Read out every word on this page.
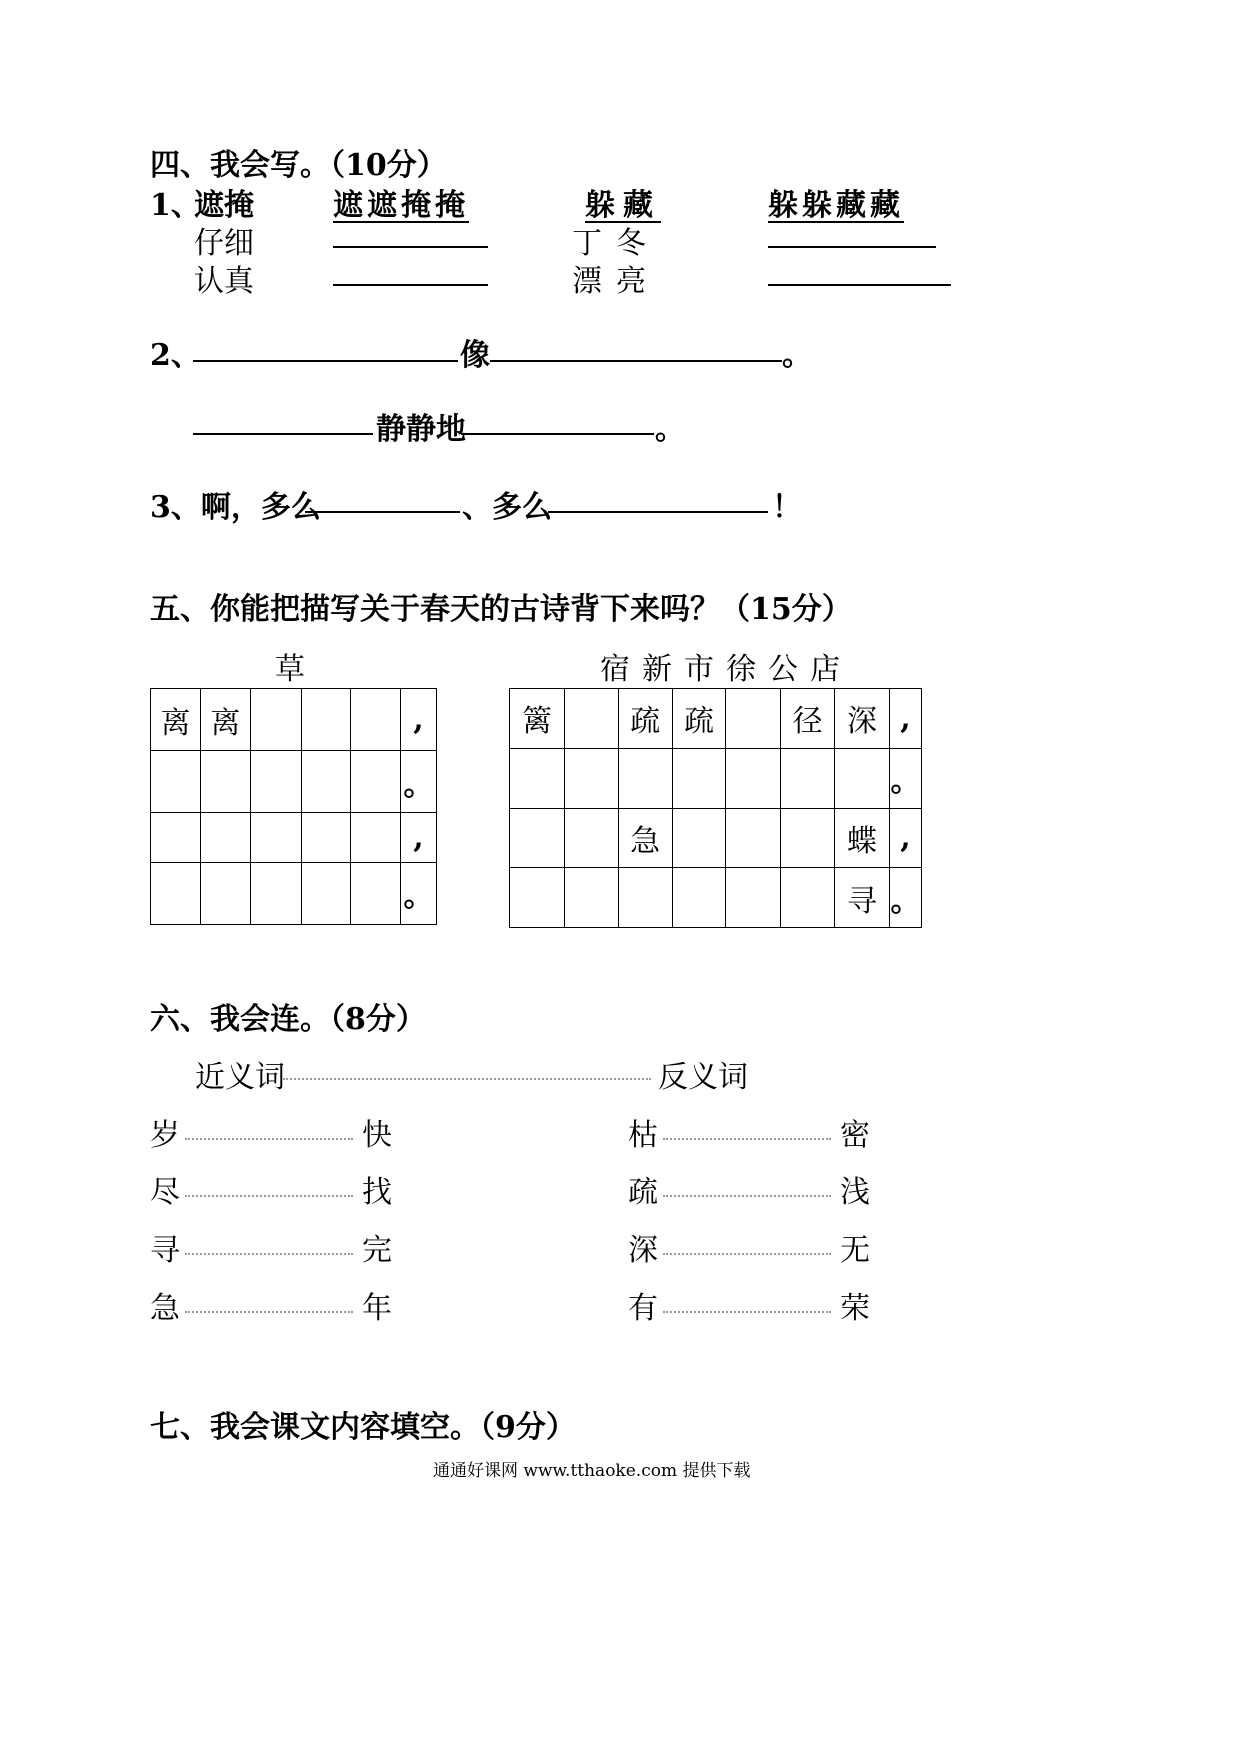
四、我会写。（10分）
1、
遮掩	遮遮掩掩	躲藏	躲躲藏藏
仔细	丁冬
认真	漂亮
2、	像	。
静静地	。
3、啊，多么	、多么	！
五、你能把描写关于春天的古诗背下来吗？（15分）
草	宿新市徐公店
离	离				,
					。
					,
					。
篱		疏	疏		径	深	,
							。
		急				蝶	,
						寻	。
六、我会连。（8分）
近义词	反义词
岁	快	枯	密
尽	找	疏	浅
寻	完	深	无
急	年	有	荣
七、我会课文内容填空。（9分）
通通好课网 www.tthaoke.com 提供下载
